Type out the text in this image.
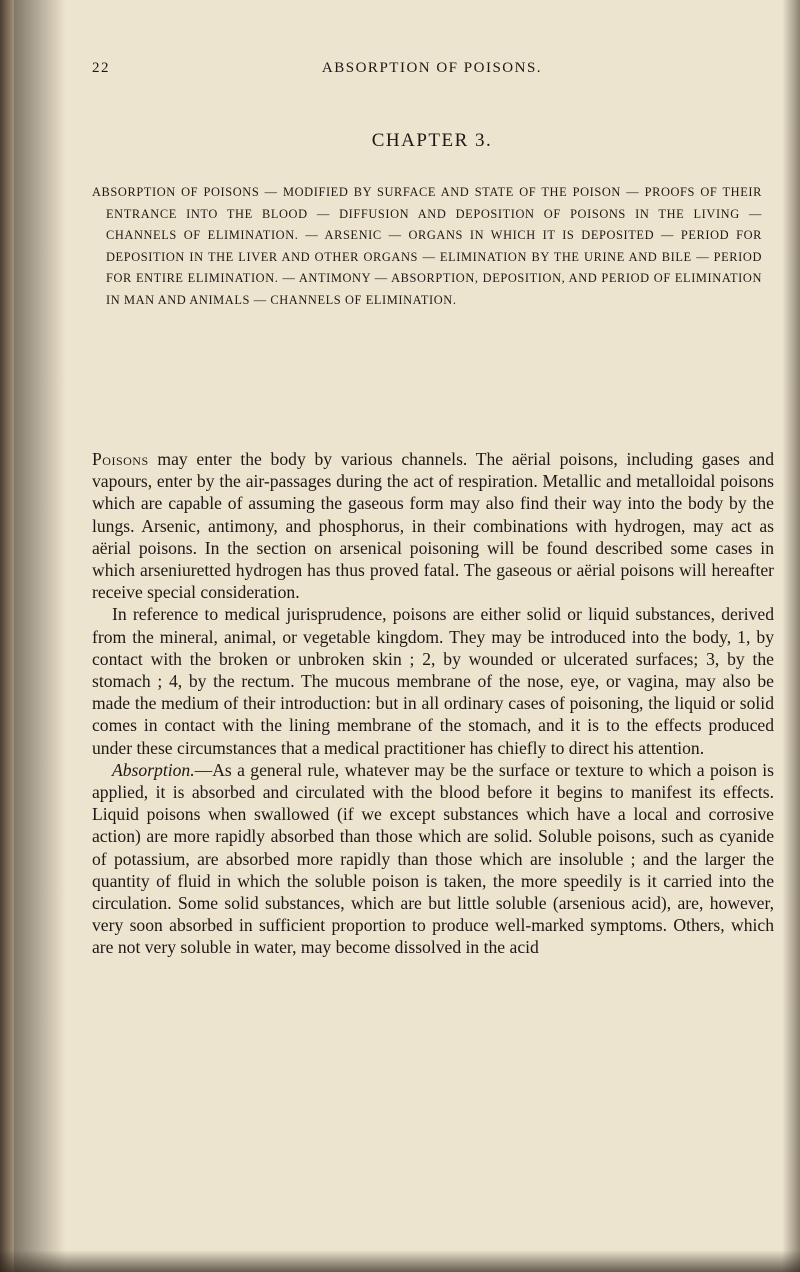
22	ABSORPTION OF POISONS.
CHAPTER 3.
ABSORPTION OF POISONS — MODIFIED BY SURFACE AND STATE OF THE POISON — PROOFS OF THEIR ENTRANCE INTO THE BLOOD — DIFFUSION AND DEPOSITION OF POISONS IN THE LIVING — CHANNELS OF ELIMINATION. — ARSENIC — ORGANS IN WHICH IT IS DEPOSITED — PERIOD FOR DEPOSITION IN THE LIVER AND OTHER ORGANS — ELIMINATION BY THE URINE AND BILE — PERIOD FOR ENTIRE ELIMINATION. — ANTIMONY — ABSORPTION, DEPOSITION, AND PERIOD OF ELIMINATION IN MAN AND ANIMALS — CHANNELS OF ELIMINATION.

Poisons may enter the body by various channels. The aërial poisons, including gases and vapours, enter by the air-passages during the act of respiration. Metallic and metalloidal poisons which are capable of assuming the gaseous form may also find their way into the body by the lungs. Arsenic, antimony, and phosphorus, in their combinations with hydrogen, may act as aërial poisons. In the section on arsenical poisoning will be found described some cases in which arseniuretted hydrogen has thus proved fatal. The gaseous or aërial poisons will hereafter receive special consideration.

In reference to medical jurisprudence, poisons are either solid or liquid substances, derived from the mineral, animal, or vegetable kingdom. They may be introduced into the body, 1, by contact with the broken or unbroken skin ; 2, by wounded or ulcerated surfaces; 3, by the stomach ; 4, by the rectum. The mucous membrane of the nose, eye, or vagina, may also be made the medium of their introduction: but in all ordinary cases of poisoning, the liquid or solid comes in contact with the lining membrane of the stomach, and it is to the effects produced under these circumstances that a medical practitioner has chiefly to direct his attention.

Absorption.—As a general rule, whatever may be the surface or texture to which a poison is applied, it is absorbed and circulated with the blood before it begins to manifest its effects. Liquid poisons when swallowed (if we except substances which have a local and corrosive action) are more rapidly absorbed than those which are solid. Soluble poisons, such as cyanide of potassium, are absorbed more rapidly than those which are insoluble ; and the larger the quantity of fluid in which the soluble poison is taken, the more speedily is it carried into the circulation. Some solid substances, which are but little soluble (arsenious acid), are, however, very soon absorbed in sufficient proportion to produce well-marked symptoms. Others, which are not very soluble in water, may become dissolved in the acid
